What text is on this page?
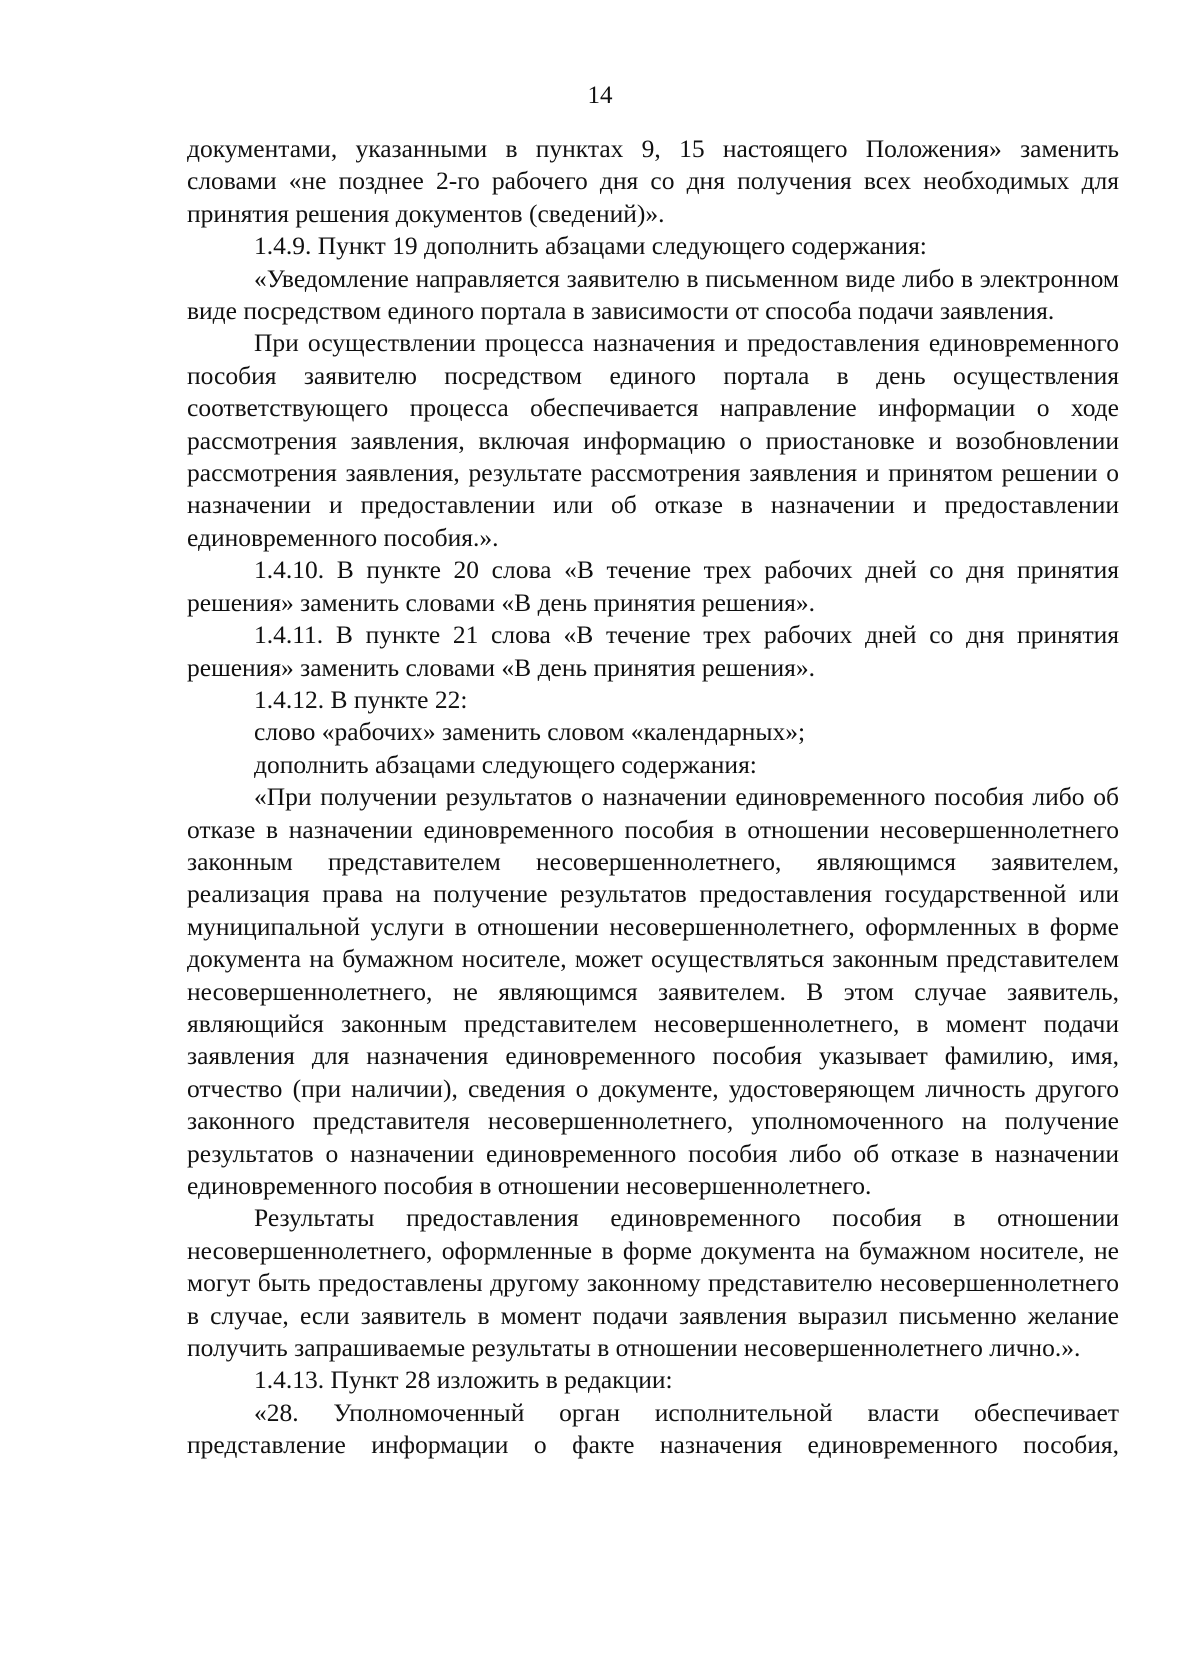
14

документами, указанными в пунктах 9, 15 настоящего Положения» заменить словами «не позднее 2-го рабочего дня со дня получения всех необходимых для принятия решения документов (сведений)».

1.4.9. Пункт 19 дополнить абзацами следующего содержания:

«Уведомление направляется заявителю в письменном виде либо в электронном виде посредством единого портала в зависимости от способа подачи заявления.

При осуществлении процесса назначения и предоставления единовременного пособия заявителю посредством единого портала в день осуществления соответствующего процесса обеспечивается направление информации о ходе рассмотрения заявления, включая информацию о приостановке и возобновлении рассмотрения заявления, результате рассмотрения заявления и принятом решении о назначении и предоставлении или об отказе в назначении и предоставлении единовременного пособия.».

1.4.10. В пункте 20 слова «В течение трех рабочих дней со дня принятия решения» заменить словами «В день принятия решения».

1.4.11. В пункте 21 слова «В течение трех рабочих дней со дня принятия решения» заменить словами «В день принятия решения».

1.4.12. В пункте 22:

слово «рабочих» заменить словом «календарных»;

дополнить абзацами следующего содержания:

«При получении результатов о назначении единовременного пособия либо об отказе в назначении единовременного пособия в отношении несовершеннолетнего законным представителем несовершеннолетнего, являющимся заявителем, реализация права на получение результатов предоставления государственной или муниципальной услуги в отношении несовершеннолетнего, оформленных в форме документа на бумажном носителе, может осуществляться законным представителем несовершеннолетнего, не являющимся заявителем. В этом случае заявитель, являющийся законным представителем несовершеннолетнего, в момент подачи заявления для назначения единовременного пособия указывает фамилию, имя, отчество (при наличии), сведения о документе, удостоверяющем личность другого законного представителя несовершеннолетнего, уполномоченного на получение результатов о назначении единовременного пособия либо об отказе в назначении единовременного пособия в отношении несовершеннолетнего.

Результаты предоставления единовременного пособия в отношении несовершеннолетнего, оформленные в форме документа на бумажном носителе, не могут быть предоставлены другому законному представителю несовершеннолетнего в случае, если заявитель в момент подачи заявления выразил письменно желание получить запрашиваемые результаты в отношении несовершеннолетнего лично.».

1.4.13. Пункт 28 изложить в редакции:

«28. Уполномоченный орган исполнительной власти обеспечивает представление информации о факте назначения единовременного пособия,
